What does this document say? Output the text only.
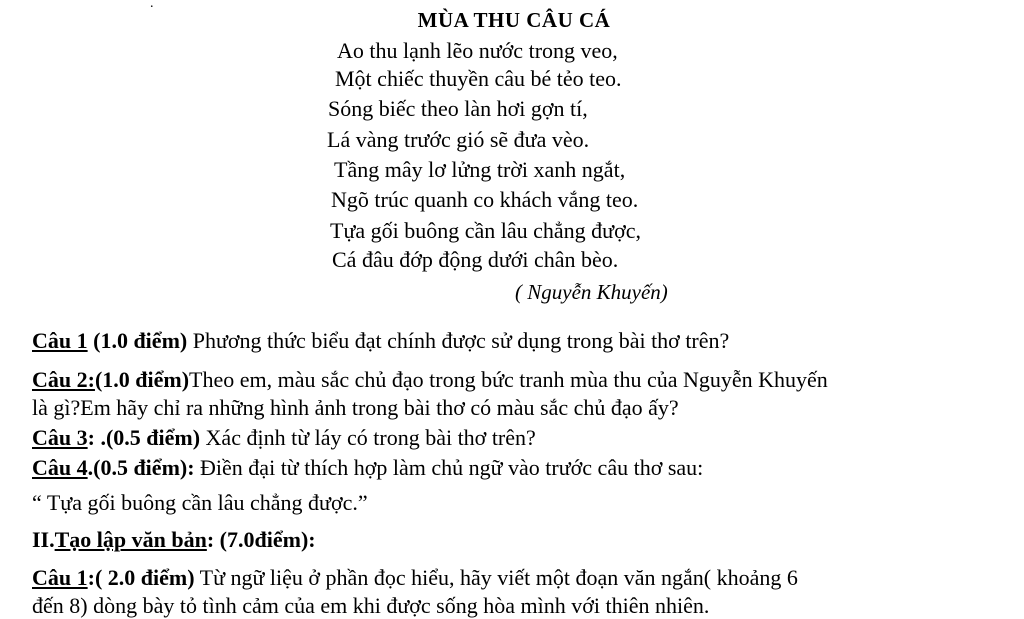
.
MÙA THU CÂU CÁ
Ao thu lạnh lẽo nước trong veo,
Một chiếc thuyền câu bé tẻo teo.
Sóng biếc theo làn hơi gợn tí,
Lá vàng trước gió sẽ đưa vèo.
Tầng mây lơ lửng trời xanh ngắt,
Ngõ trúc quanh co khách vắng teo.
Tựa gối buông cần lâu chẳng được,
Cá đâu đớp động dưới chân bèo.
( Nguyễn Khuyến)
Câu 1 (1.0 điểm) Phương thức biểu đạt chính được sử dụng trong bài thơ trên?
Câu 2:(1.0 điểm)Theo em, màu sắc chủ đạo trong bức tranh mùa thu của Nguyễn Khuyến
là gì?Em hãy chỉ ra những hình ảnh trong bài thơ có màu sắc chủ đạo ấy?
Câu 3: .(0.5 điểm) Xác định từ láy có trong bài thơ trên?
Câu 4.(0.5 điểm): Điền đại từ thích hợp làm chủ ngữ vào trước câu thơ sau:
“ Tựa gối buông cần lâu chẳng được.”
II.Tạo lập văn bản: (7.0điểm):
Câu 1:( 2.0 điểm) Từ ngữ liệu ở phần đọc hiểu, hãy viết một đoạn văn ngắn( khoảng 6
đến 8) dòng bày tỏ tình cảm của em khi được sống hòa mình với thiên nhiên.
